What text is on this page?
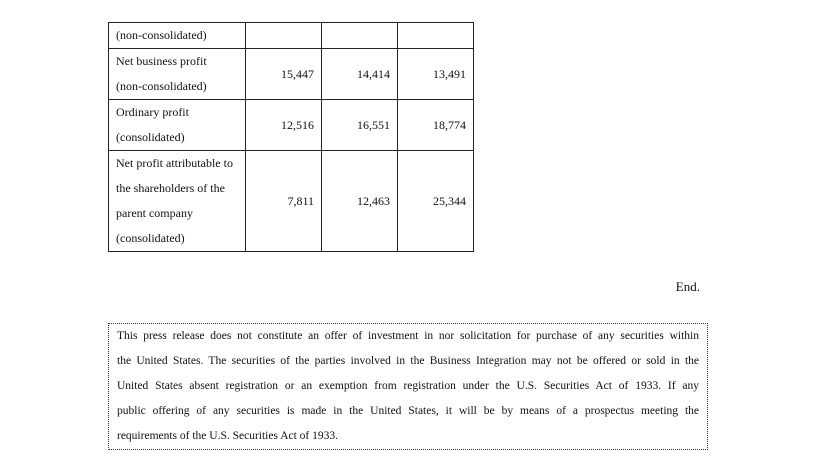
(non-consolidated)			

Net business profit
(non-consolidated)	15,447	14,414	13,491

Ordinary profit
(consolidated)	12,516	16,551	18,774

Net profit attributable to
the shareholders of the
parent company
(consolidated)	7,811	12,463	25,344
End.
This press release does not constitute an offer of investment in nor solicitation for purchase of any securities within
the United States. The securities of the parties involved in the Business Integration may not be offered or sold in the
United States absent registration or an exemption from registration under the U.S. Securities Act of 1933. If any
public offering of any securities is made in the United States, it will be by means of a prospectus meeting the
requirements of the U.S. Securities Act of 1933.
